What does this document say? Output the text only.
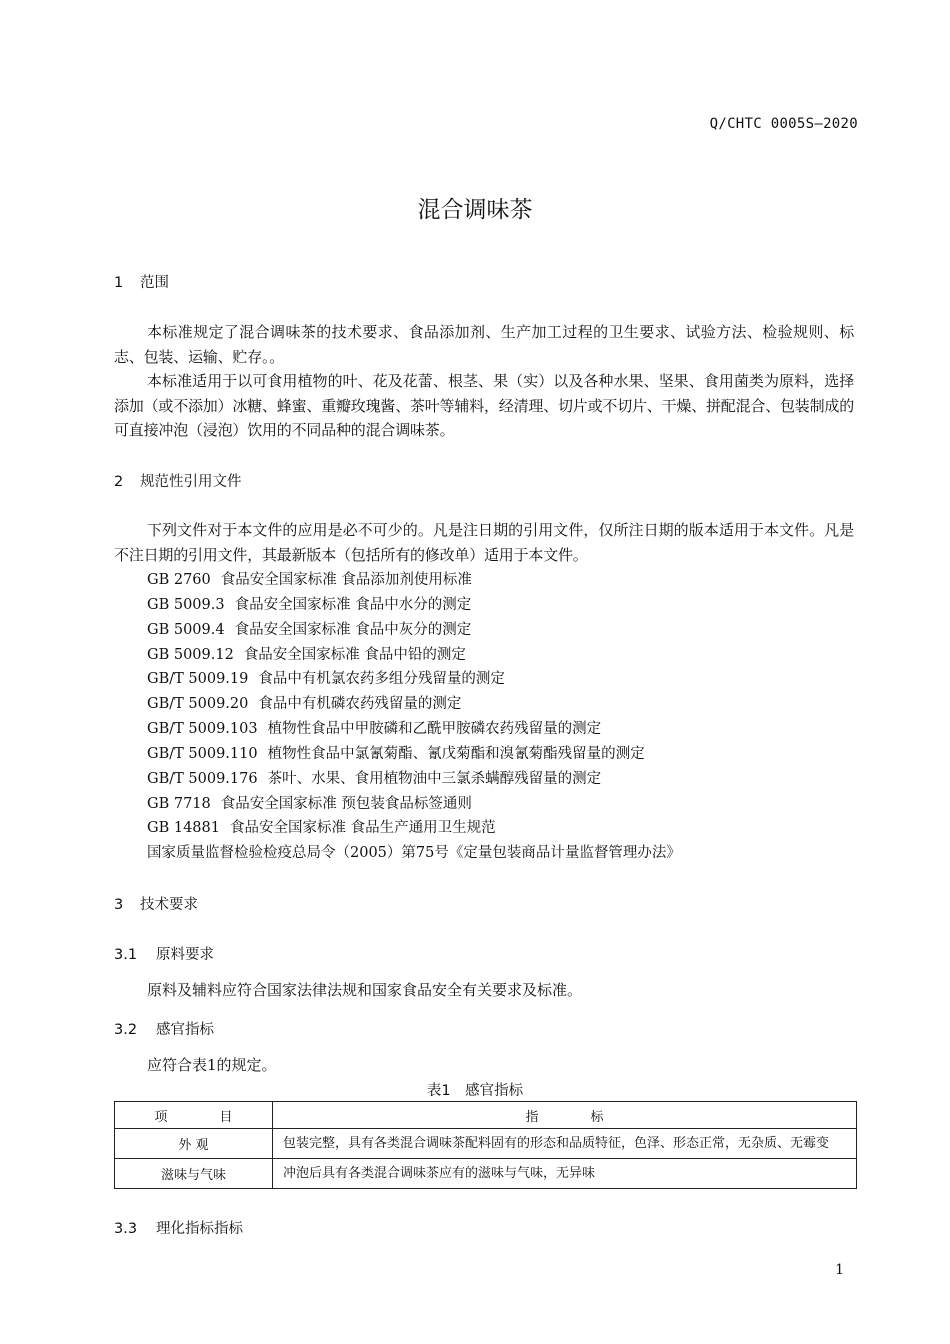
Q/CHTC 0005S—2020
混合调味茶
1 范围

本标准规定了混合调味茶的技术要求、食品添加剂、生产加工过程的卫生要求、试验方法、检验规则、标志、包装、运输、贮存。。

本标准适用于以可食用植物的叶、花及花蕾、根茎、果（实）以及各种水果、坚果、食用菌类为原料，选择添加（或不添加）冰糖、蜂蜜、重瓣玫瑰酱、茶叶等辅料，经清理、切片或不切片、干燥、拼配混合、包装制成的可直接冲泡（浸泡）饮用的不同品种的混合调味茶。

2 规范性引用文件

下列文件对于本文件的应用是必不可少的。凡是注日期的引用文件，仅所注日期的版本适用于本文件。凡是不注日期的引用文件，其最新版本（包括所有的修改单）适用于本文件。

GB 2760 食品安全国家标准 食品添加剂使用标准
GB 5009.3 食品安全国家标准 食品中水分的测定
GB 5009.4 食品安全国家标准 食品中灰分的测定
GB 5009.12 食品安全国家标准 食品中铅的测定
GB/T 5009.19 食品中有机氯农药多组分残留量的测定
GB/T 5009.20 食品中有机磷农药残留量的测定
GB/T 5009.103 植物性食品中甲胺磷和乙酰甲胺磷农药残留量的测定
GB/T 5009.110 植物性食品中氯氰菊酯、氰戊菊酯和溴氰菊酯残留量的测定
GB/T 5009.176 茶叶、水果、食用植物油中三氯杀螨醇残留量的测定
GB 7718 食品安全国家标准 预包装食品标签通则
GB 14881 食品安全国家标准 食品生产通用卫生规范
国家质量监督检验检疫总局令（2005）第75号《定量包装商品计量监督管理办法》
3 技术要求
3.1 原料要求
原料及辅料应符合国家法律法规和国家食品安全有关要求及标准。
3.2 感官指标
应符合表1的规定。
表1　感官指标
项　　　　目	指　　　　标
外 观	包装完整，具有各类混合调味茶配料固有的形态和品质特征，色泽、形态正常，无杂质、无霉变
滋味与气味	冲泡后具有各类混合调味茶应有的滋味与气味，无异味
3.3 理化指标指标
1
